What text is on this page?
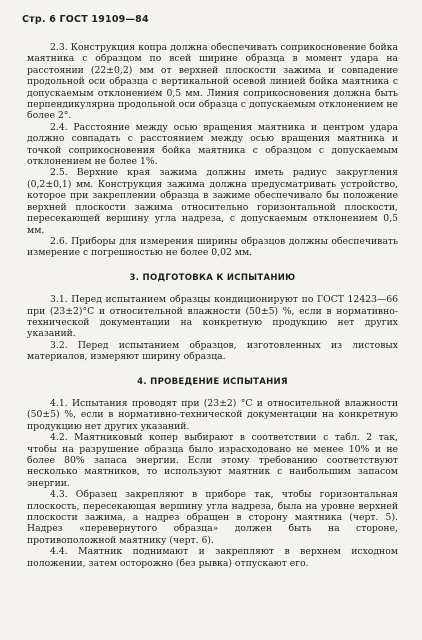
Стр. 6 ГОСТ 19109—84

2.3. Конструкция копра должна обеспечивать соприкосновение бойка маятника с образцом по всей ширине образца в момент удара на расстоянии (22±0,2) мм от верхней плоскости зажима и совпадение продольной оси образца с вертикальной осевой линией бойка маятника с допускаемым отклонением 0,5 мм. Линия соприкосновения должна быть перпендикулярна продольной оси образца с допускаемым отклонением не более 2°.

2.4. Расстояние между осью вращения маятника и центром удара должно совпадать с расстоянием между осью вращения маятника и точкой соприкосновения бойка маятника с образцом с допускаемым отклонением не более 1%.

2.5. Верхние края зажима должны иметь радиус закругления (0,2±0,1) мм. Конструкция зажима должна предусматривать устройство, которое при закреплении образца в зажиме обеспечивало бы положение верхней плоскости зажима относительно горизонтальной плоскости, пересекающей вершину угла надреза, с допускаемым отклонением 0,5 мм.

2.6. Приборы для измерения ширины образцов должны обеспечивать измерение с погрешностью не более 0,02 мм.

3. ПОДГОТОВКА К ИСПЫТАНИЮ

3.1. Перед испытанием образцы кондиционируют по ГОСТ 12423—66 при (23±2)°С и относительной влажности (50±5) %, если в нормативно-технической документации на конкретную продукцию нет других указаний.

3.2. Перед испытанием образцов, изготовленных из листовых материалов, измеряют ширину образца.

4. ПРОВЕДЕНИЕ ИСПЫТАНИЯ

4.1. Испытания проводят при (23±2) °С и относительной влажности (50±5) %, если в нормативно-технической документации на конкретную продукцию нет других указаний.

4.2. Маятниковый копер выбирают в соответствии с табл. 2 так, чтобы на разрушение образца было израсходовано не менее 10% и не более 80% запаса энергии. Если этому требованию соответствуют несколько маятников, то используют маятник с наибольшим запасом энергии.

4.3. Образец закрепляют в приборе так, чтобы горизонтальная плоскость, пересекающая вершину угла надреза, была на уровне верхней плоскости зажима, а надрез обращен в сторону маятника (черт. 5). Надрез «перевернутого образца» должен быть на стороне, противоположной маятнику (черт. 6).

4.4. Маятник поднимают и закрепляют в верхнем исходном положении, затем осторожно (без рывка) отпускают его.
